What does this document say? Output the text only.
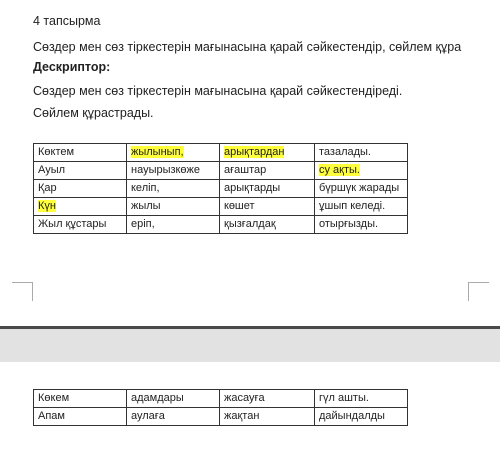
4 тапсырма
Сөздер мен сөз тіркестерін мағынасына қарай сәйкестендір, сөйлем құра
Дескриптор:
Сөздер мен сөз тіркестерін мағынасына қарай сәйкестендіреді.
Сөйлем құрастрады.
Көктем	жылынып,	арықтардан	тазалады.
Ауыл	науырызкөже	ағаштар	су ақты.
Қар	келіп,	арықтарды	бүршүк жарады
Күн	жылы	көшет	ұшып келеді.
Жыл құстары	еріп,	қызғалдақ	отырғызды.
Көкем	адамдары	жасауға	гүл ашты.
Апам	аулаға	жақтан	дайындалды
